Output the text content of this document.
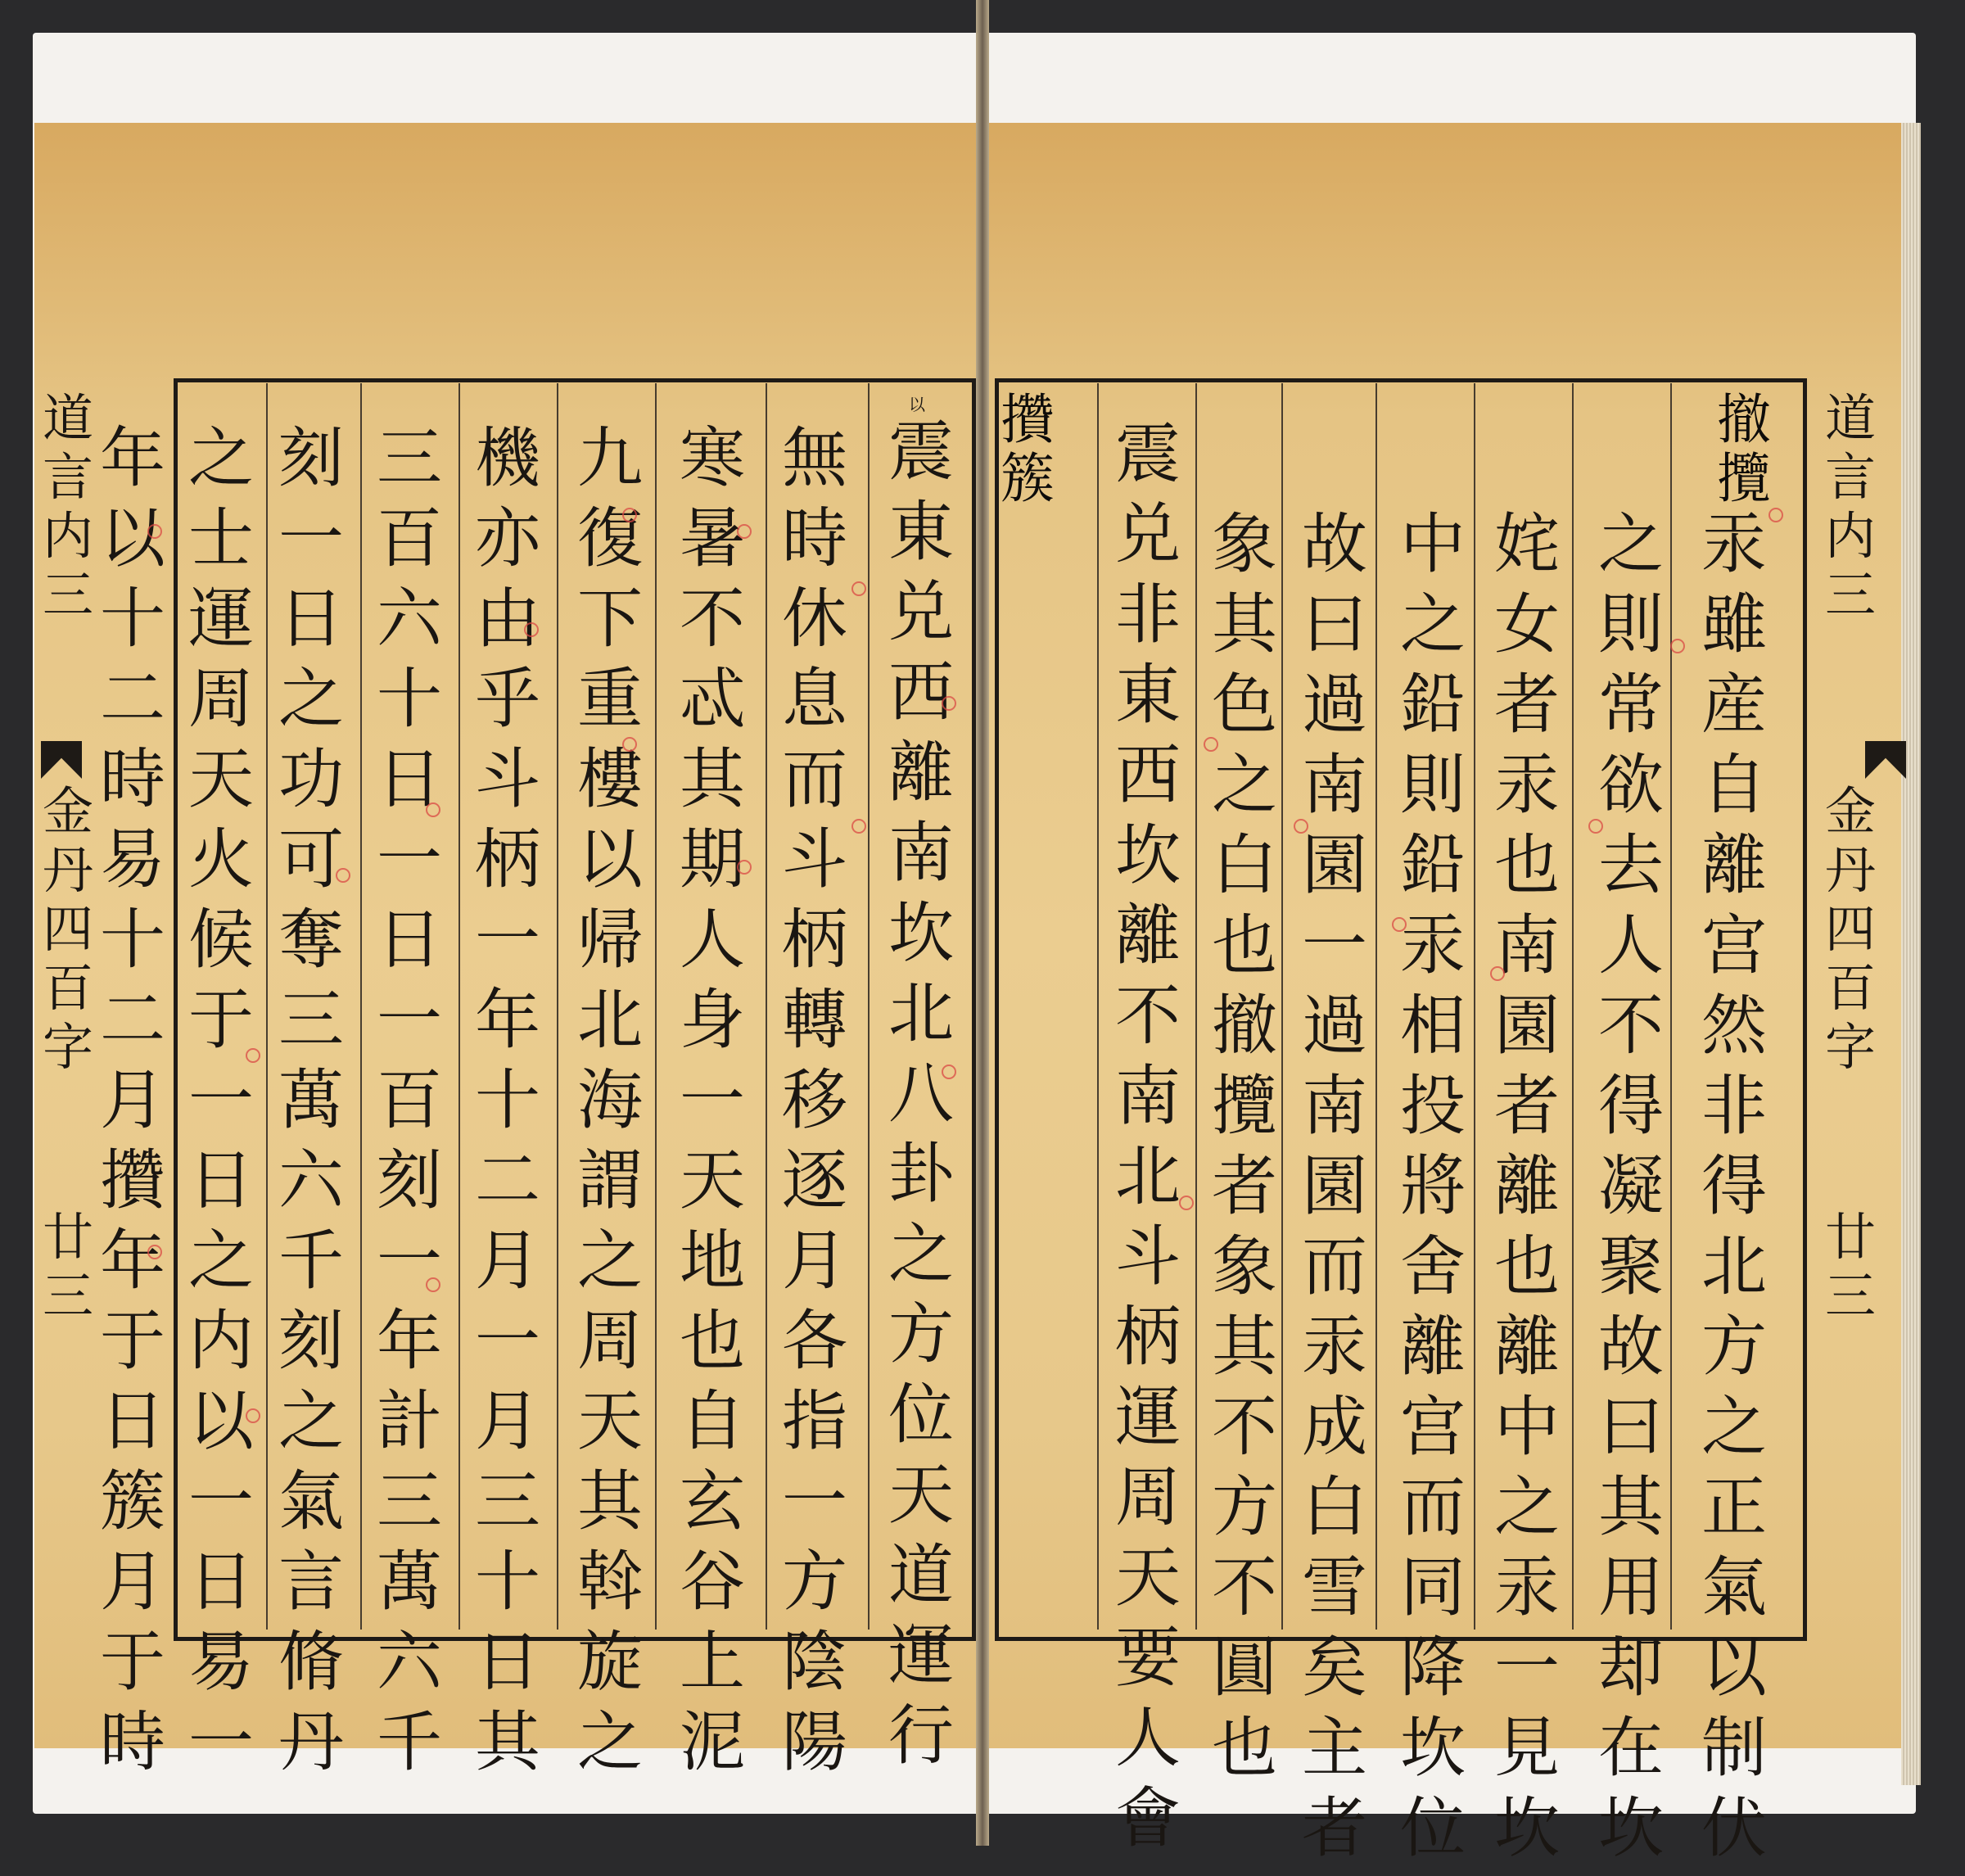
道
言
内
三
金
丹
四
百
字
廿
三
以
震
東
兑
西
離
南
坎
北
八
卦
之
方
位
天
道
運
行
無
時
休
息
而
斗
柄
轉
移
逐
月
各
指
一
方
陰
陽
寒
暑
不
忒
其
期
人
身
一
天
地
也
自
玄
谷
上
泥
九
復
下
重
樓
以
帰
北
海
謂
之
周
天
其
斡
旋
之
機
亦
由
乎
斗
柄
一
年
十
二
月
一
月
三
十
日
其
三
百
六
十
日
一
日
一
百
刻
一
年
計
三
萬
六
千
刻
一
日
之
功
可
奪
三
萬
六
千
刻
之
氣
言
脩
丹
之
士
運
周
天
火
候
于
一
日
之
内
以
一
日
易
一
年
以
十
二
時
易
十
二
月
攢
年
于
日
簇
月
于
時
道
言
内
三
金
丹
四
百
字
廿
三
撤
攬
汞
雖
産
自
離
宫
然
非
得
北
方
之
正
氣
以
制
伏
之
則
常
欲
去
人
不
得
凝
聚
故
曰
其
用
却
在
坎
姹
女
者
汞
也
南
園
者
離
也
離
中
之
汞
一
見
坎
中
之
鉛
則
鉛
汞
相
投
將
舍
離
宫
而
同
降
坎
位
故
曰
過
南
園
一
過
南
園
而
汞
成
白
雪
矣
主
者
象
其
色
之
白
也
撤
攬
者
象
其
不
方
不
圓
也
震
兑
非
東
西
坎
離
不
南
北
斗
柄
運
周
天
要
人
會
攢
簇
